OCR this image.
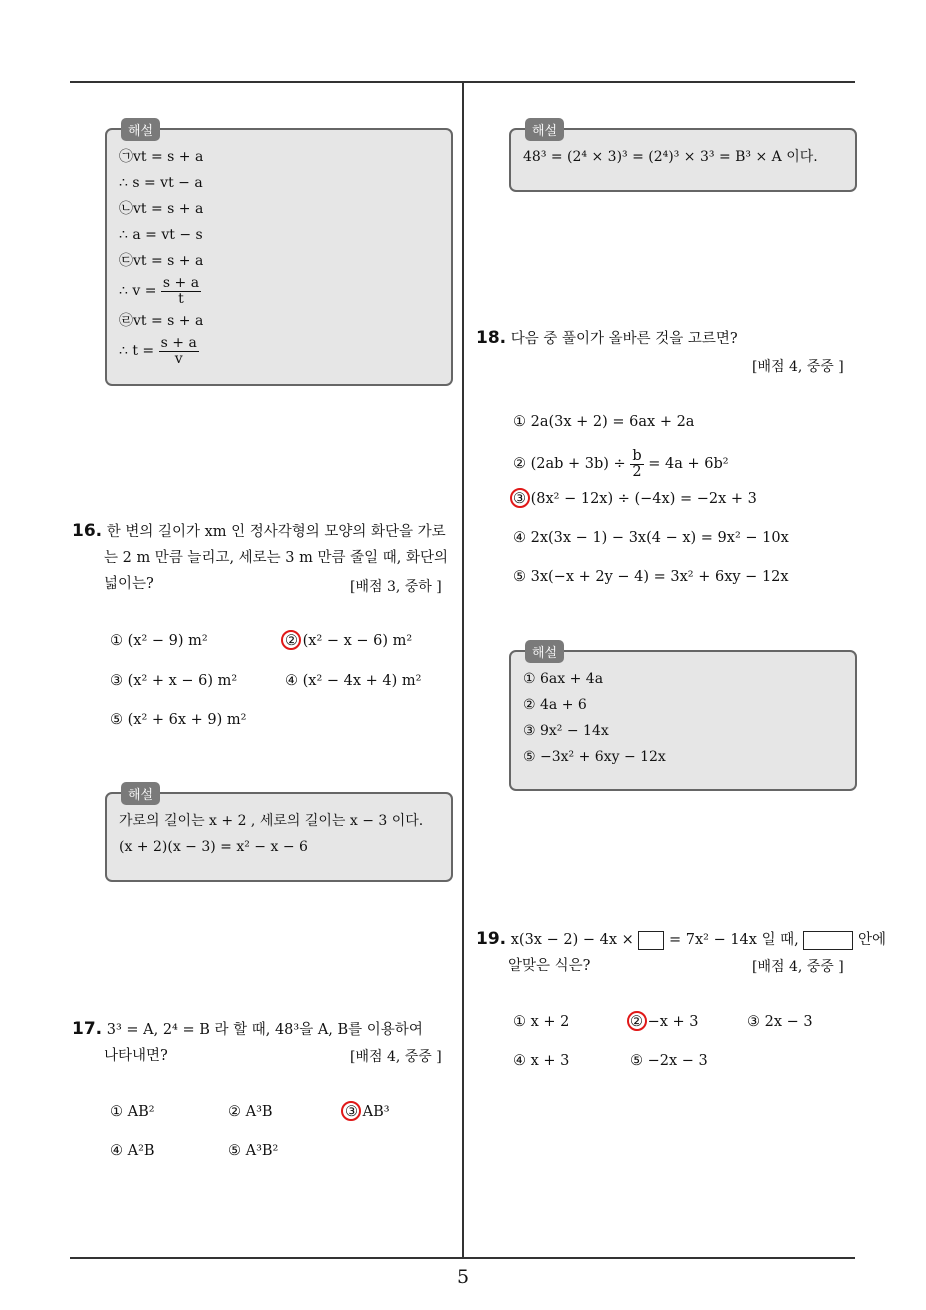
해설
㉠vt = s + a
∴ s = vt − a
㉡vt = s + a
∴ a = vt − s
㉢vt = s + a
∴ $v = \frac{s + a}{t}$
㉣vt = s + a
∴ $t = \frac{s + a}{v}$
16. 한 변의 길이가 xm 인 정사각형의 모양의 화단을 가로
는 2 m 만큼 늘리고, 세로는 3 m 만큼 줄일 때, 화단의
넓이는?	[배점 3, 중하 ]
① (x² − 9) m²	② (x² − x − 6) m²
③ (x² + x − 6) m²	④ (x² − 4x + 4) m²
⑤ (x² + 6x + 9) m²
해설
가로의 길이는 x + 2 , 세로의 길이는 x − 3 이다.
(x + 2)(x − 3) = x² − x − 6
17. 3³ = A, 2⁴ = B 라 할 때, 48³을 A, B를 이용하여
나타내면?	[배점 4, 중중 ]
① AB²	② A³B	③ AB³
④ A²B	⑤ A³B²
해설
48³ = (2⁴ × 3)³ = (2⁴)³ × 3³ = B³ × A 이다.
18. 다음 중 풀이가 올바른 것을 고르면?
[배점 4, 중중 ]
① 2a(3x + 2) = 6ax + 2a
② $(2ab + 3b) \div \frac{b}{2} = 4a + 6b^2$
③ (8x² − 12x) ÷ (−4x) = −2x + 3
④ 2x(3x − 1) − 3x(4 − x) = 9x² − 10x
⑤ 3x(−x + 2y − 4) = 3x² + 6xy − 12x
해설
① 6ax + 4a
② 4a + 6
③ 9x² − 14x
⑤ −3x² + 6xy − 12x
19. x(3x − 2) − 4x × = 7x² − 14x 일 때,	안에
알맞은 식은?	[배점 4, 중중 ]
① x + 2	② −x + 3	③ 2x − 3
④ x + 3	⑤ −2x − 3
5
